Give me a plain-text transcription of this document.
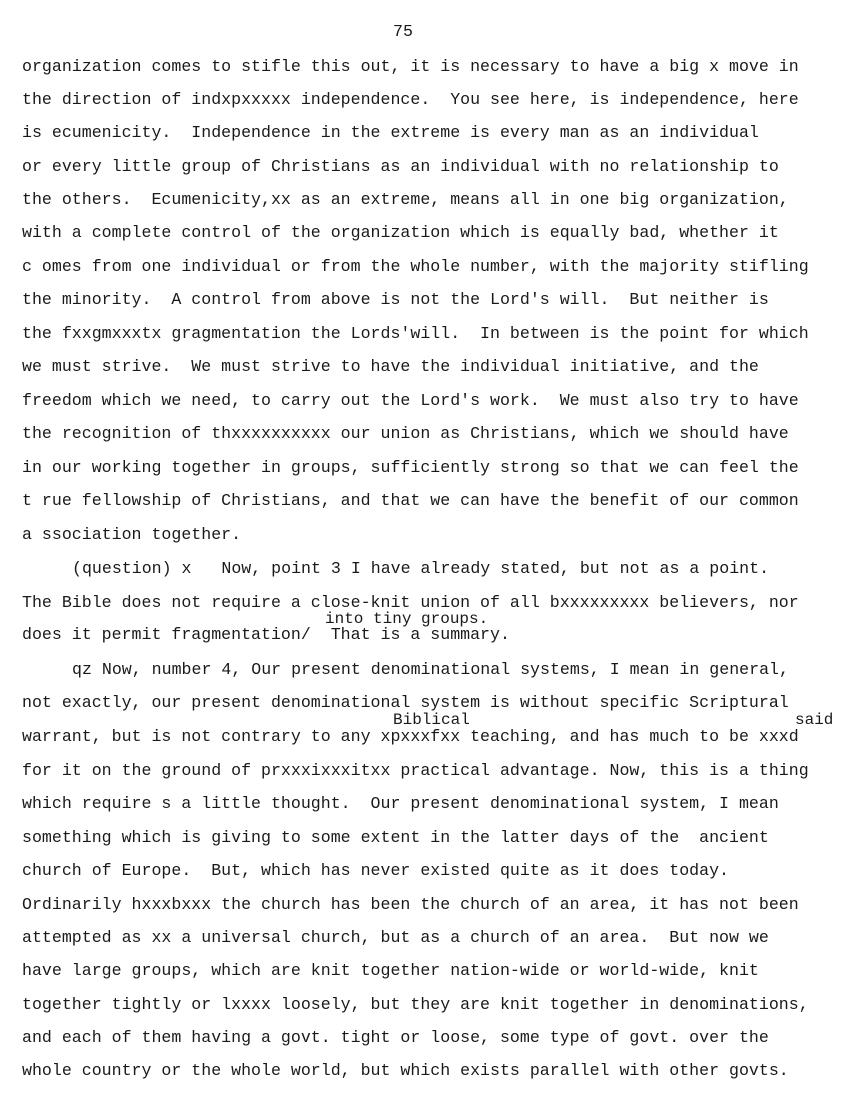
75
organization comes to stifle this out, it is necessary to have a big x move in
the direction of indxpxxxxx independence.  You see here, is independence, here
is ecumenicity.  Independence in the extreme is every man as an individual
or every little group of Christians as an individual with no relationship to
the others.  Ecumenicity,xx as an extreme, means all in one big organization,
with a complete control of the organization which is equally bad, whether it
c omes from one individual or from the whole number, with the majority stifling
the minority.  A control from above is not the Lord's will.  But neither is
the fxxgmxxxtx gragmentation the Lords'will.  In between is the point for which
we must strive.  We must strive to have the individual initiative, and the
freedom which we need, to carry out the Lord's work.  We must also try to have
the recognition of thxxxxxxxxxx our union as Christians, which we should have
in our working together in groups, sufficiently strong so that we can feel the
t rue fellowship of Christians, and that we can have the benefit of our common
a ssociation together.
(question) x   Now, point 3 I have already stated, but not as a point.
The Bible does not require a close-knit union of all bxxxxxxxxx believers, nor
into tiny groups.
does it permit fragmentation/  That is a summary.
qz Now, number 4, Our present denominational systems, I mean in general,
not exactly, our present denominational system is without specific Scriptural
Biblical	said
warrant, but is not contrary to any xpxxxfxx teaching, and has much to be xxxd
for it on the ground of prxxxixxxitxx practical advantage. Now, this is a thing
which require s a little thought.  Our present denominational system, I mean
something which is giving to some extent in the latter days of the  ancient
church of Europe.  But, which has never existed quite as it does today.
Ordinarily hxxxbxxx the church has been the church of an area, it has not been
attempted as xx a universal church, but as a church of an area.  But now we
have large groups, which are knit together nation-wide or world-wide, knit
together tightly or lxxxx loosely, but they are knit together in denominations,
and each of them having a govt. tight or loose, some type of govt. over the
whole country or the whole world, but which exists parallel with other govts.
